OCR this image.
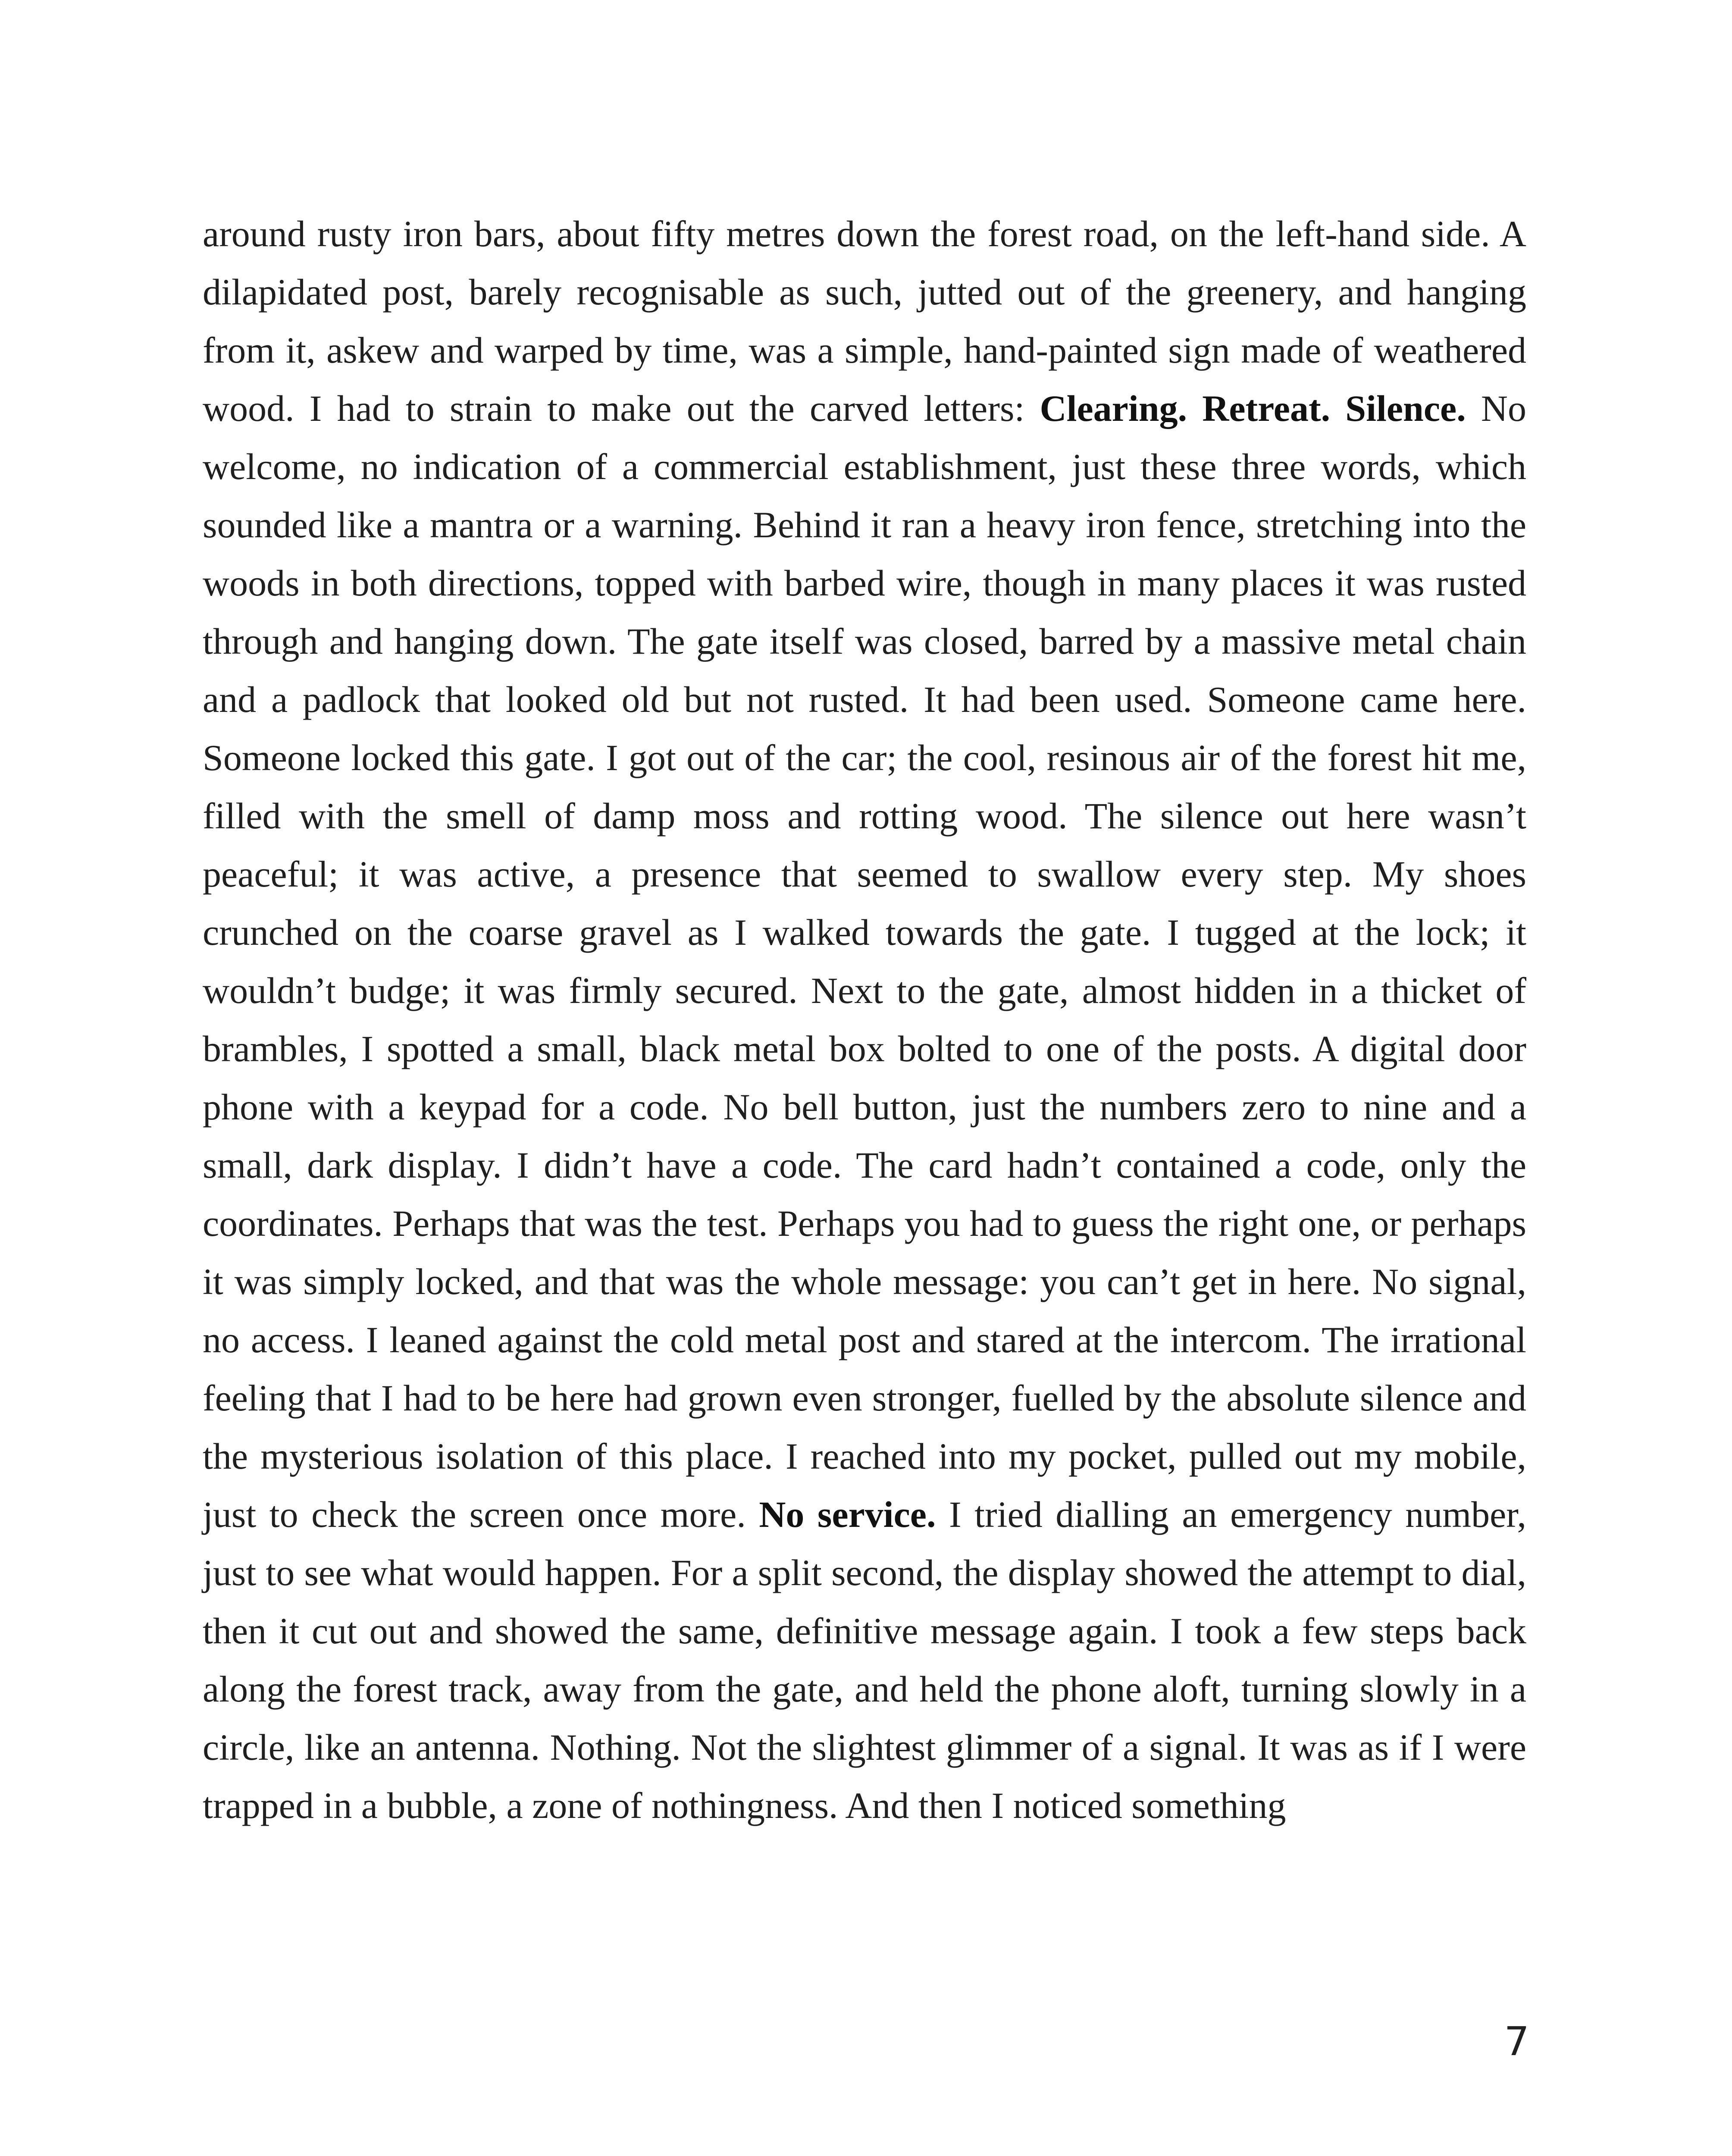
around rusty iron bars, about fifty metres down the forest road, on the left-hand side. A dilapidated post, barely recognisable as such, jutted out of the greenery, and hanging from it, askew and warped by time, was a simple, hand-painted sign made of weathered wood. I had to strain to make out the carved letters: Clearing. Retreat. Silence. No welcome, no indication of a commercial establishment, just these three words, which sounded like a mantra or a warning. Behind it ran a heavy iron fence, stretching into the woods in both directions, topped with barbed wire, though in many places it was rusted through and hanging down. The gate itself was closed, barred by a massive metal chain and a padlock that looked old but not rusted. It had been used. Someone came here. Someone locked this gate. I got out of the car; the cool, resinous air of the forest hit me, filled with the smell of damp moss and rotting wood. The silence out here wasn’t peaceful; it was active, a presence that seemed to swallow every step. My shoes crunched on the coarse gravel as I walked towards the gate. I tugged at the lock; it wouldn’t budge; it was firmly secured. Next to the gate, almost hidden in a thicket of brambles, I spotted a small, black metal box bolted to one of the posts. A digital door phone with a keypad for a code. No bell button, just the numbers zero to nine and a small, dark display. I didn’t have a code. The card hadn’t contained a code, only the coordinates. Perhaps that was the test. Perhaps you had to guess the right one, or perhaps it was simply locked, and that was the whole message: you can’t get in here. No signal, no access. I leaned against the cold metal post and stared at the intercom. The irrational feeling that I had to be here had grown even stronger, fuelled by the absolute silence and the mysterious isolation of this place. I reached into my pocket, pulled out my mobile, just to check the screen once more. No service. I tried dialling an emergency number, just to see what would happen. For a split second, the display showed the attempt to dial, then it cut out and showed the same, definitive message again. I took a few steps back along the forest track, away from the gate, and held the phone aloft, turning slowly in a circle, like an antenna. Nothing. Not the slightest glimmer of a signal. It was as if I were trapped in a bubble, a zone of nothingness. And then I noticed something

7
